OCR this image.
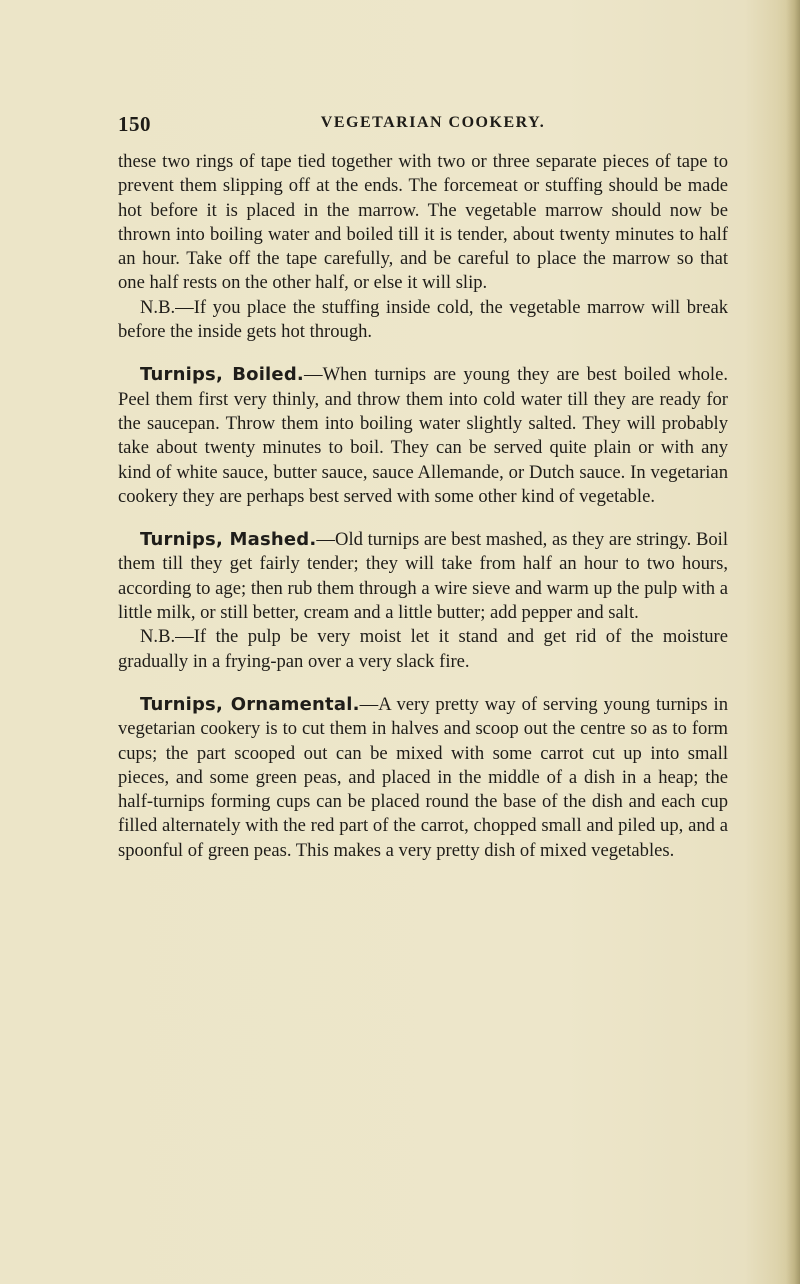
150	VEGETARIAN COOKERY.

these two rings of tape tied together with two or three separate pieces of tape to prevent them slipping off at the ends. The forcemeat or stuffing should be made hot before it is placed in the marrow. The vegetable marrow should now be thrown into boiling water and boiled till it is tender, about twenty minutes to half an hour. Take off the tape carefully, and be careful to place the marrow so that one half rests on the other half, or else it will slip.

N.B.—If you place the stuffing inside cold, the vegetable marrow will break before the inside gets hot through.

Turnips, Boiled.—When turnips are young they are best boiled whole. Peel them first very thinly, and throw them into cold water till they are ready for the saucepan. Throw them into boiling water slightly salted. They will probably take about twenty minutes to boil. They can be served quite plain or with any kind of white sauce, butter sauce, sauce Allemande, or Dutch sauce. In vegetarian cookery they are perhaps best served with some other kind of vegetable.

Turnips, Mashed.—Old turnips are best mashed, as they are stringy. Boil them till they get fairly tender; they will take from half an hour to two hours, according to age; then rub them through a wire sieve and warm up the pulp with a little milk, or still better, cream and a little butter; add pepper and salt.

N.B.—If the pulp be very moist let it stand and get rid of the moisture gradually in a frying-pan over a very slack fire.

Turnips, Ornamental.—A very pretty way of serving young turnips in vegetarian cookery is to cut them in halves and scoop out the centre so as to form cups; the part scooped out can be mixed with some carrot cut up into small pieces, and some green peas, and placed in the middle of a dish in a heap; the half-turnips forming cups can be placed round the base of the dish and each cup filled alternately with the red part of the carrot, chopped small and piled up, and a spoonful of green peas. This makes a very pretty dish of mixed vegetables.
